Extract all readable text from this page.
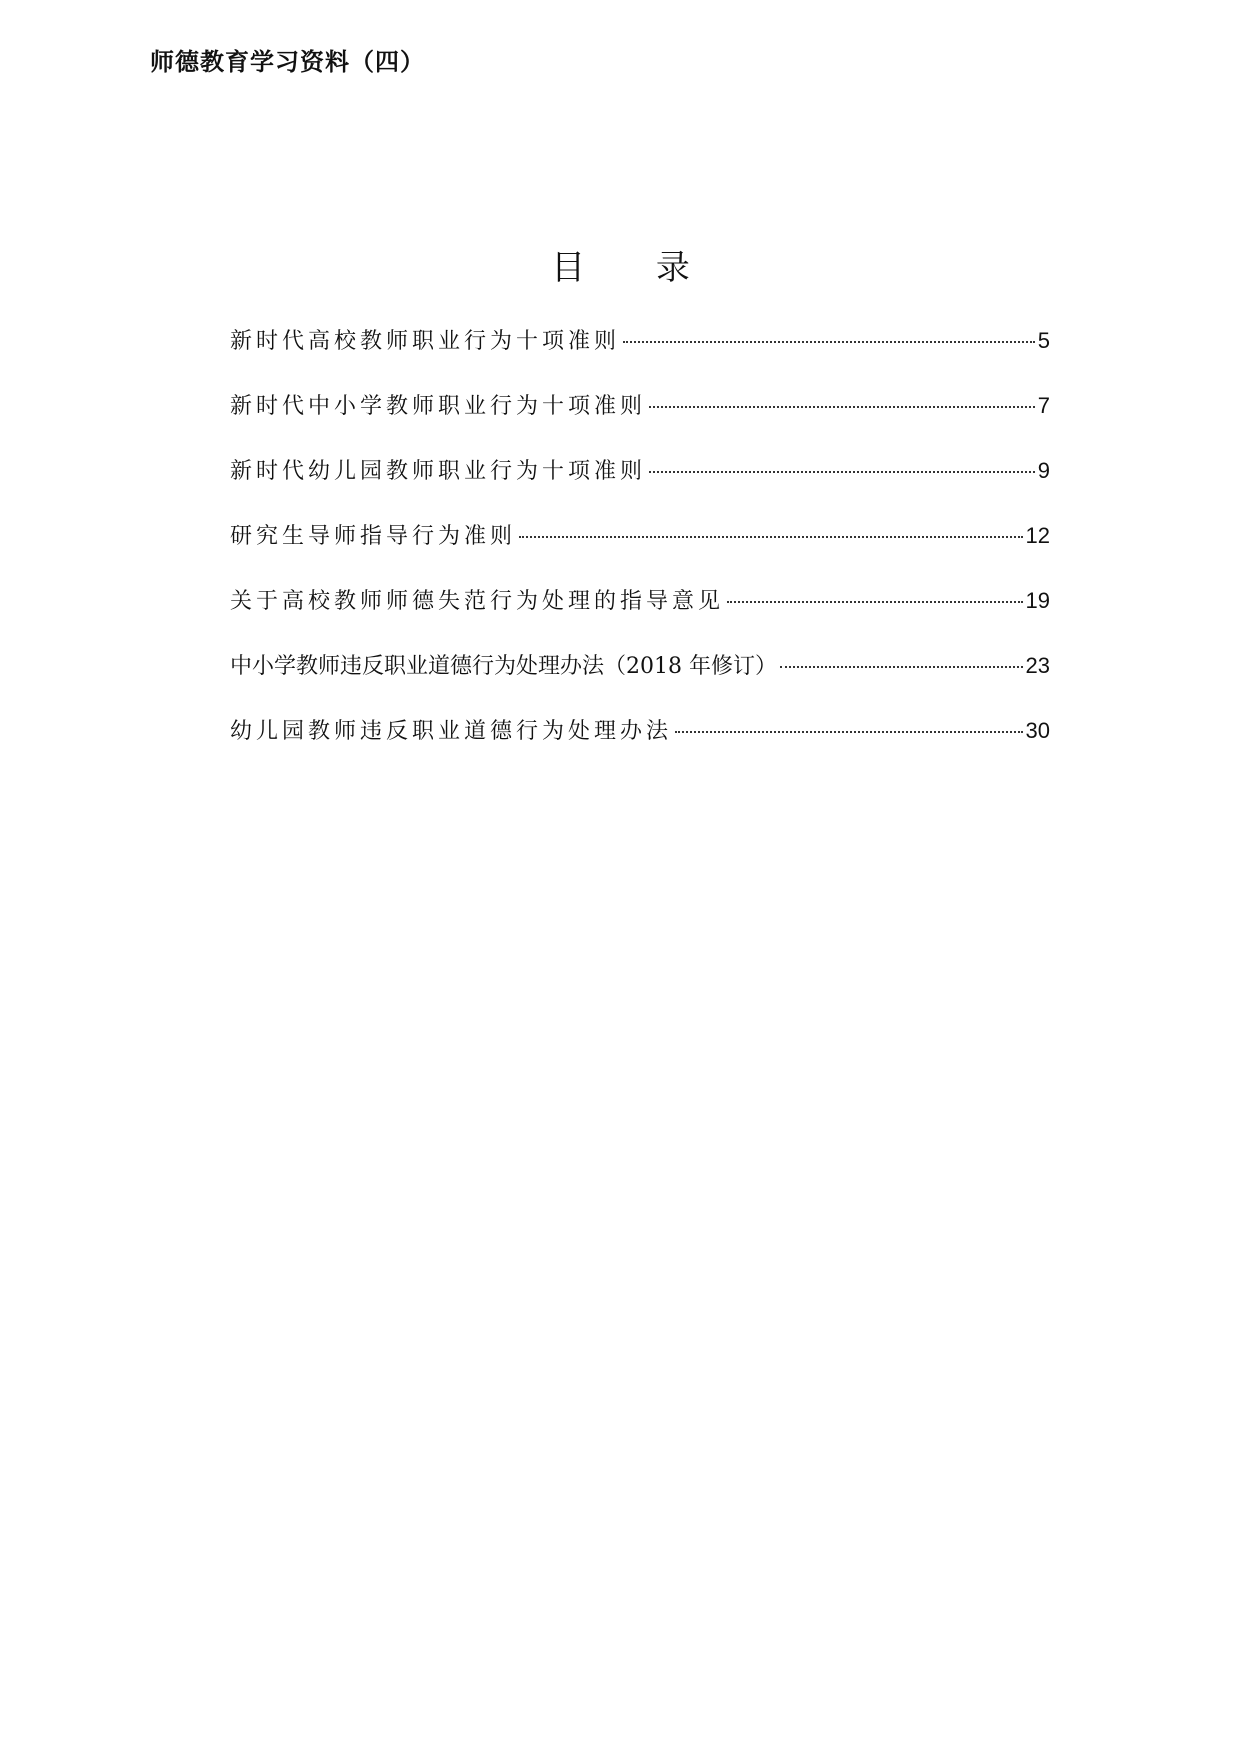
师德教育学习资料（四）
目 录
新时代高校教师职业行为十项准则	5
新时代中小学教师职业行为十项准则	7
新时代幼儿园教师职业行为十项准则	9
研究生导师指导行为准则	12
关于高校教师师德失范行为处理的指导意见	19
中小学教师违反职业道德行为处理办法（2018 年修订）	23
幼儿园教师违反职业道德行为处理办法	30
